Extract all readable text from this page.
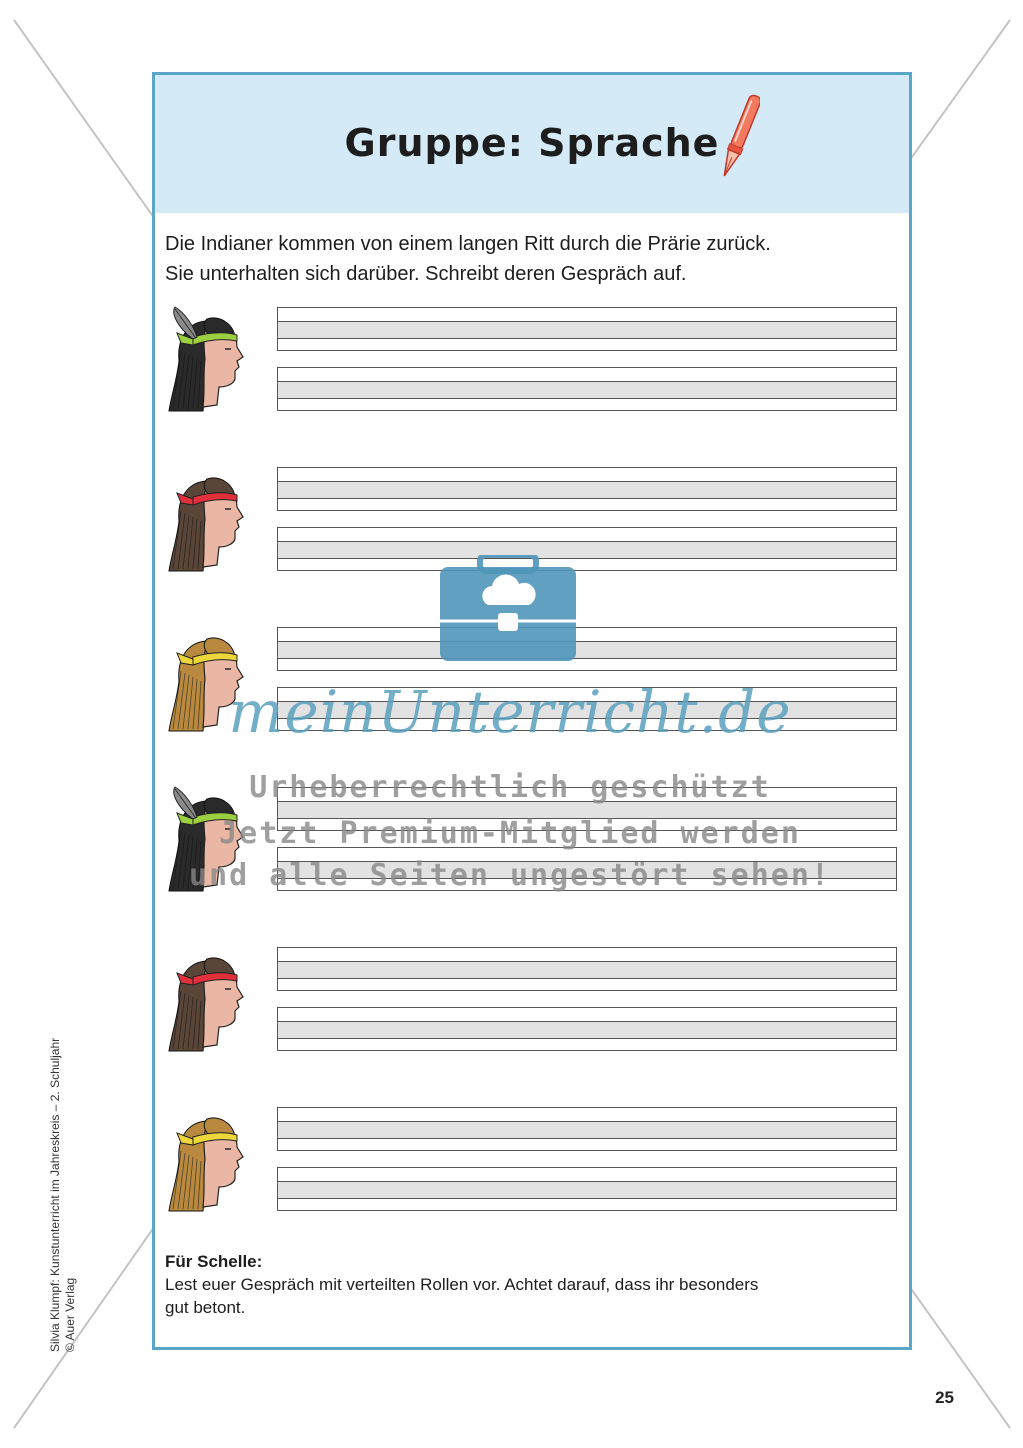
Gruppe: Sprache
Die Indianer kommen von einem langen Ritt durch die Prärie zurück.
Sie unterhalten sich darüber. Schreibt deren Gespräch auf.
Für Schelle:
Lest euer Gespräch mit verteilten Rollen vor. Achtet darauf, dass ihr besonders
gut betont.
meinUnterricht.de
Urheberrechtlich geschützt
Jetzt Premium-Mitglied werden
und alle Seiten ungestört sehen!
Silvia Klumpf: Kunstunterricht im Jahreskreis – 2. Schuljahr © Auer Verlag
25
